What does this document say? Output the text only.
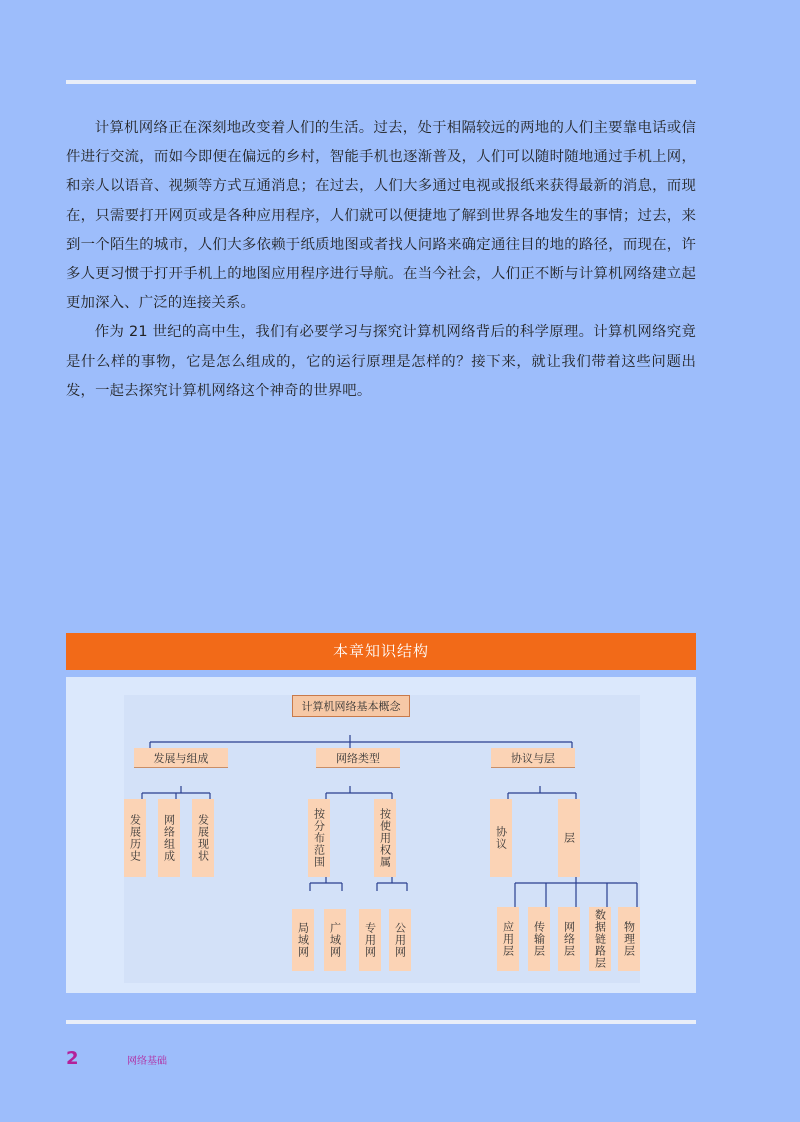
计算机网络正在深刻地改变着人们的生活。过去，处于相隔较远的两地的人们主要靠电话或信件进行交流，而如今即便在偏远的乡村，智能手机也逐渐普及，人们可以随时随地通过手机上网，和亲人以语音、视频等方式互通消息；在过去，人们大多通过电视或报纸来获得最新的消息，而现在，只需要打开网页或是各种应用程序，人们就可以便捷地了解到世界各地发生的事情；过去，来到一个陌生的城市，人们大多依赖于纸质地图或者找人问路来确定通往目的地的路径，而现在，许多人更习惯于打开手机上的地图应用程序进行导航。在当今社会，人们正不断与计算机网络建立起更加深入、广泛的连接关系。

作为 21 世纪的高中生，我们有必要学习与探究计算机网络背后的科学原理。计算机网络究竟是什么样的事物，它是怎么组成的，它的运行原理是怎样的？接下来，就让我们带着这些问题出发，一起去探究计算机网络这个神奇的世界吧。

本章知识结构
计算机网络基本概念
发展与组成	网络类型	协议与层
发展历史	网络组成	发展现状	按分布范围	按使用权属
局域网	广域网	专用网	公用网
协议	层
应用层	传输层	网络层	数据链路层	物理层
2	网络基础
